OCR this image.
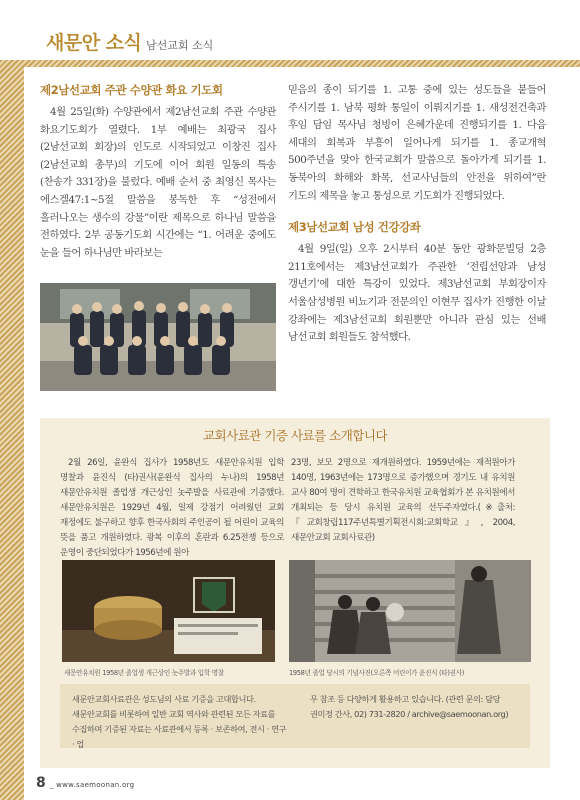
새문안 소식 남선교회 소식
제2남선교회 주관 수양관 화요 기도회

4월 25일(화) 수양관에서 제2남선교회 주관 수양관 화요기도회가 열렸다. 1부 예배는 최광국 집사(2남선교회 회장)의 인도로 시작되었고 이창진 집사(2남선교회 총무)의 기도에 이어 회원 일동의 특송(찬송가 331장)을 불렀다. 예배 순서 중 최영신 목사는 에스겔47:1~5절 말씀을 봉독한 후 “성전에서 흘러나오는 생수의 강물”이란 제목으로 하나님 말씀을 전하였다. 2부 공동기도회 시간에는 “1. 어려운 중에도 눈을 들어 하나님만 바라보는

믿음의 종이 되기를 1. 고통 중에 있는 성도들을 붙들어 주시기를 1. 남북 평화 통일이 이뤄지기를 1. 새성전건축과 후임 담임 목사님 청빙이 은혜가운데 진행되기를 1. 다음 세대의 회복과 부흥이 일어나게 되기를 1. 종교개혁 500주년을 맞아 한국교회가 말씀으로 돌아가게 되기를 1. 동북아의 화해와 화목, 선교사님들의 안전을 위하여”란 기도의 제목을 놓고 통성으로 기도회가 진행되었다.

제3남선교회 남성 건강강좌

4월 9일(일) 오후 2시부터 40분 동안 광화문빌딩 2층 211호에서는 제3남선교회가 주관한 ‘전립선암과 남성 갱년기’에 대한 특강이 있었다. 제3남선교회 부회장이자 서울삼성병원 비뇨기과 전문의인 이현무 집사가 진행한 이날 강좌에는 제3남선교회 회원뿐만 아니라 관심 있는 선배 남선교회 회원들도 참석했다.

교회사료관 기증 사료를 소개합니다

2월 26일, 윤완식 집사가 1958년도 새문안유치원 입학 명찰과 윤진식 (타)권사(윤완식 집사의 누나)의 1958년 새문안유치원 졸업생 개근상인 놋주발을 사료관에 기증했다. 새문안유치원은 1929년 4월, 일제 강점기 어려웠던 교회 재정에도 불구하고 향후 한국사회의 주인공이 될 어린이 교육의 뜻을 품고 개원하였다. 광복 이후의 혼란과 6.25전쟁 등으로 운영이 중단되었다가 1956년에 원아

23명, 보모 2명으로 재개원하였다. 1959년에는 재적원아가 140명, 1963년에는 173명으로 증가했으며 경기도 내 유치원 교사 80여 명이 견학하고 한국유치원 교육협회가 본 유치원에서 개최되는 등 당시 유치원 교육의 선두주자였다.(※출처: 『교회창립117주년특별기획전시회:교회학교』, 2004, 새문안교회 교회사료관)

새문안유치원 1958년 졸업생 개근상인 놋주발과 입학 명찰	1958년 졸업 당시의 기념사진(오른쪽 어린이가 윤진식 (타)권사)

새문안교회사료관은 성도님의 사료 기증을 고대합니다. 새문안교회를 비롯하여 일반 교회 역사와 관련된 모든 자료를 수집하며 기증된 자료는 사료관에서 등록 · 보존하여, 전시 · 연구 · 업

무 참조 등 다양하게 활용하고 있습니다. (관련 문의: 담당 권미정 간사, 02) 731-2820 / archive@saemoonan.org)

8 _ www.saemoonan.org
